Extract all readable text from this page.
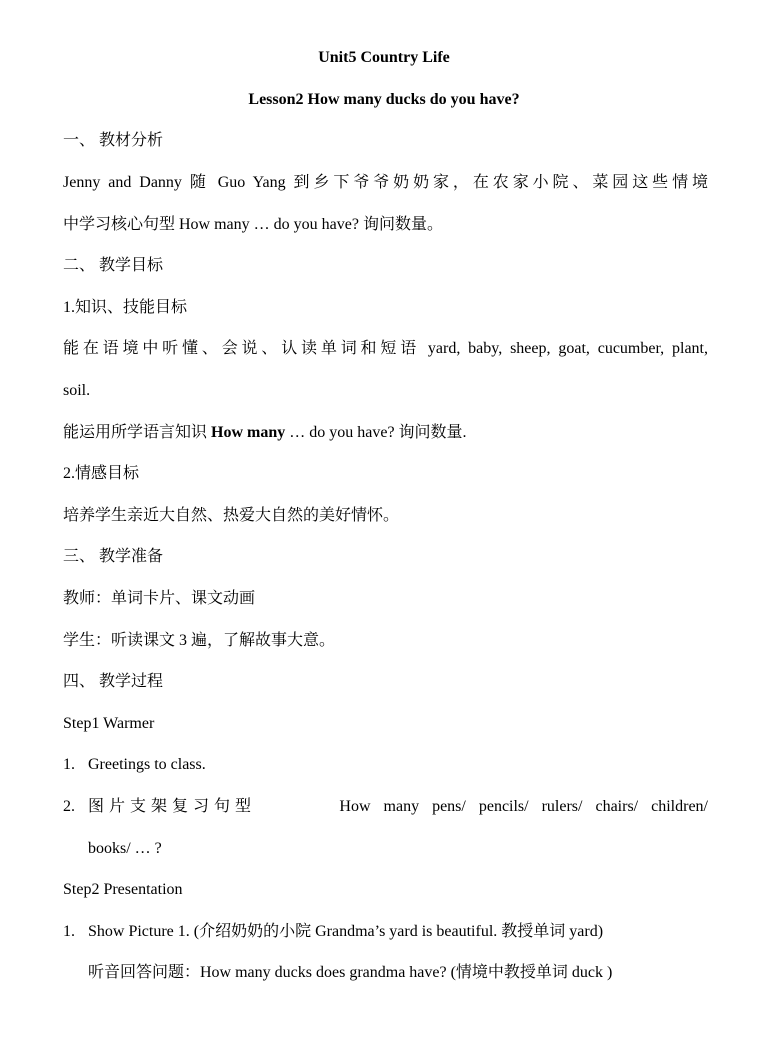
Unit5 Country Life
Lesson2 How many ducks do you have?
一、 教材分析
Jenny and Danny 随 Guo Yang 到乡下爷爷奶奶家，在农家小院、菜园这些情境
中学习核心句型 How many … do you have? 询问数量。
二、 教学目标
1.知识、技能目标
能在语境中听懂、会说、认读单词和短语 yard, baby, sheep, goat, cucumber, plant,
soil.
能运用所学语言知识 How many … do you have? 询问数量.
2.情感目标
培养学生亲近大自然、热爱大自然的美好情怀。
三、 教学准备
教师：单词卡片、课文动画
学生：听读课文 3 遍，了解故事大意。
四、 教学过程
Step1 Warmer
1. Greetings to class.
2. 图片支架复习句型	How many pens/ pencils/ rulers/ chairs/ children/
books/ … ?
Step2 Presentation
1. Show Picture 1. (介绍奶奶的小院 Grandma’s yard is beautiful. 教授单词 yard)
听音回答问题：How many ducks does grandma have? (情境中教授单词 duck )
